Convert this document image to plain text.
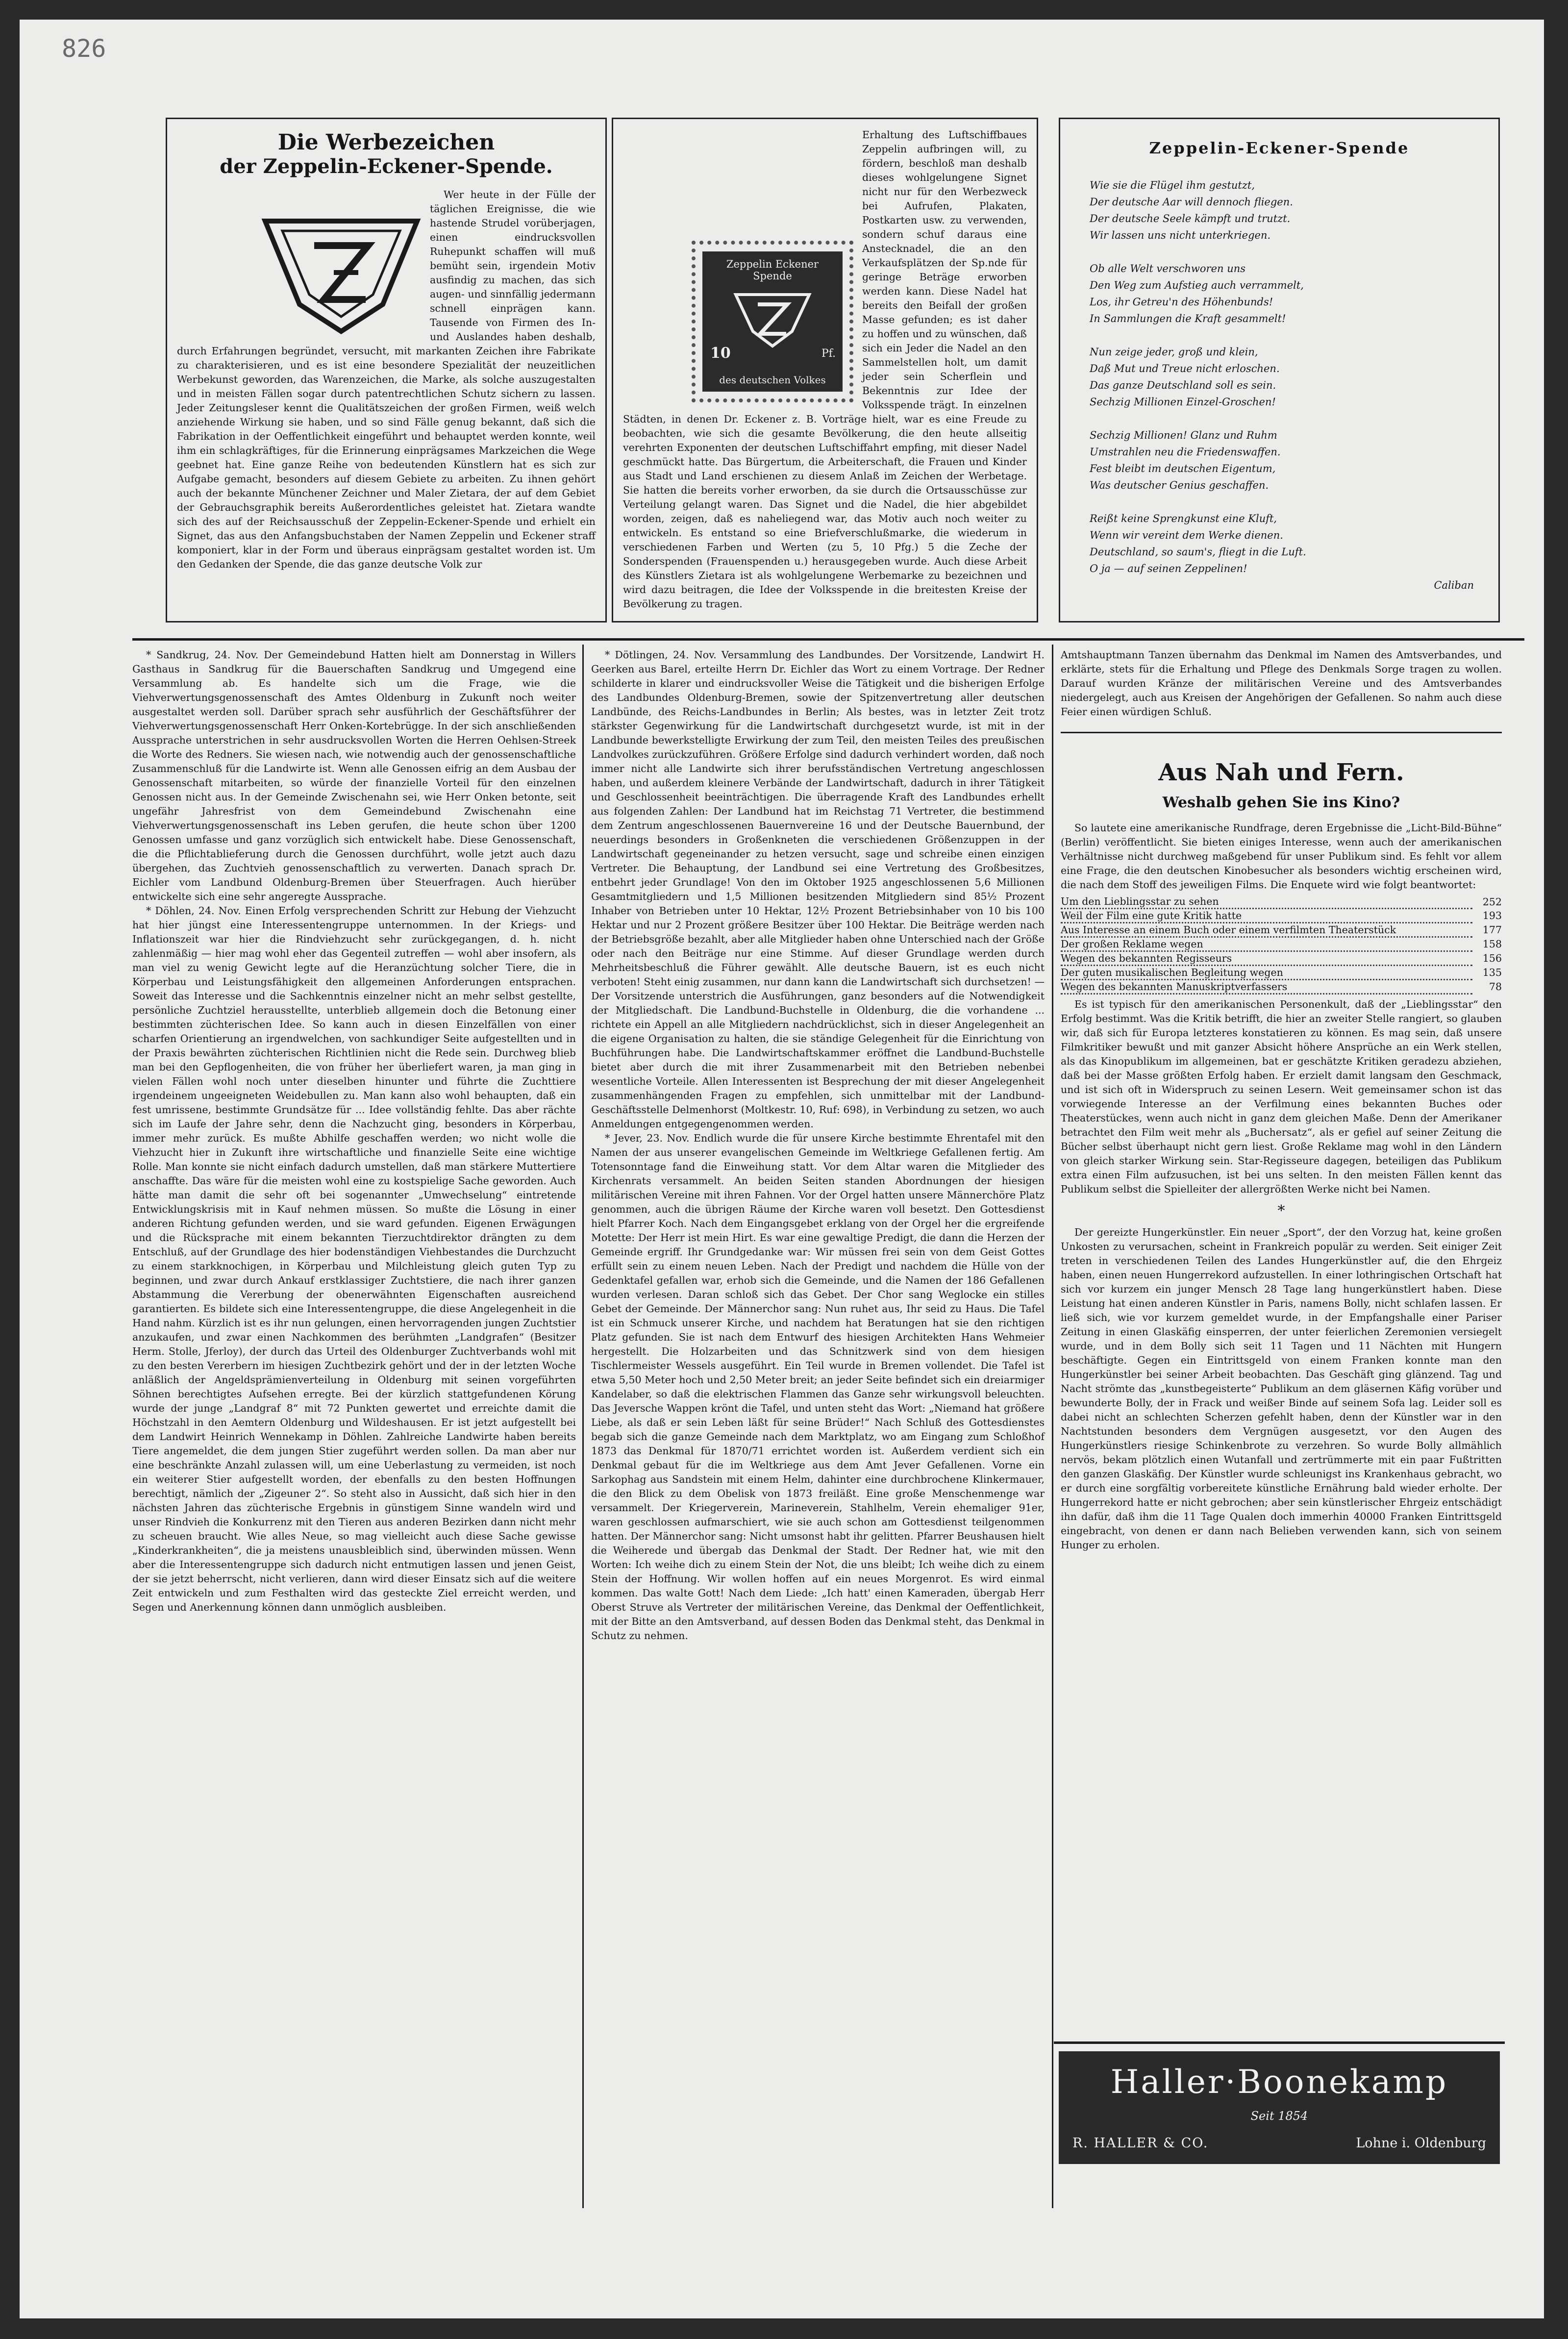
826
Die Werbezeichen
der Zeppelin-Eckener-Spende.
Wer heute in der Fülle der täglichen Ereignisse, die wie hastende Strudel vorüberjagen, einen eindrucksvollen Ruhepunkt schaffen will muß bemüht sein, irgendein Motiv ausfindig zu machen, das sich augen- und sinnfällig jedermann schnell einprägen kann. Tausende von Firmen des In- und Auslandes haben deshalb, durch Erfahrungen begründet, versucht, mit markanten Zeichen ihre Fabrikate zu charakterisieren, und es ist eine besondere Spezialität der neuzeitlichen Werbekunst geworden, das Warenzeichen, die Marke, als solche auszugestalten und in meisten Fällen sogar durch patentrechtlichen Schutz sichern zu lassen. Jeder Zeitungsleser kennt die Qualitätszeichen der großen Firmen, weiß welch anziehende Wirkung sie haben, und so sind Fälle genug bekannt, daß sich die Fabrikation in der Oeffentlichkeit eingeführt und behauptet werden konnte, weil ihm ein schlagkräftiges, für die Erinnerung einprägsames Markzeichen die Wege geebnet hat. Eine ganze Reihe von bedeutenden Künstlern hat es sich zur Aufgabe gemacht, besonders auf diesem Gebiete zu arbeiten. Zu ihnen gehört auch der bekannte Münchener Zeichner und Maler Zietara, der auf dem Gebiet der Gebrauchsgraphik bereits Außerordentliches geleistet hat. Zietara wandte sich des auf der Reichsausschuß der Zeppelin-Eckener-Spende und erhielt ein Signet, das aus den Anfangsbuchstaben der Namen Zeppelin und Eckener straff komponiert, klar in der Form und überaus einprägsam gestaltet worden ist. Um den Gedanken der Spende, die das ganze deutsche Volk zur
Zeppelin Eckener
Spende
10	Pf.
des deutschen Volkes
Erhaltung des Luftschiffbaues Zeppelin aufbringen will, zu fördern, beschloß man deshalb dieses wohlgelungene Signet nicht nur für den Werbezweck bei Aufrufen, Plakaten, Postkarten usw. zu verwenden, sondern schuf daraus eine Anstecknadel, die an den Verkaufsplätzen der Sp.nde für geringe Beträge erworben werden kann. Diese Nadel hat bereits den Beifall der großen Masse gefunden; es ist daher zu hoffen und zu wünschen, daß sich ein Jeder die Nadel an den Sammelstellen holt, um damit jeder sein Scherflein und Bekenntnis zur Idee der Volksspende trägt. In einzelnen Städten, in denen Dr. Eckener z. B. Vorträge hielt, war es eine Freude zu beobachten, wie sich die gesamte Bevölkerung, die den heute allseitig verehrten Exponenten der deutschen Luftschiffahrt empfing, mit dieser Nadel geschmückt hatte. Das Bürgertum, die Arbeiterschaft, die Frauen und Kinder aus Stadt und Land erschienen zu diesem Anlaß im Zeichen der Werbetage. Sie hatten die bereits vorher erworben, da sie durch die Ortsausschüsse zur Verteilung gelangt waren. Das Signet und die Nadel, die hier abgebildet worden, zeigen, daß es naheliegend war, das Motiv auch noch weiter zu entwickeln. Es entstand so eine Briefverschlußmarke, die wiederum in verschiedenen Farben und Werten (zu 5, 10 Pfg.) 5 die Zeche der Sonderspenden (Frauenspenden u.) herausgegeben wurde. Auch diese Arbeit des Künstlers Zietara ist als wohlgelungene Werbemarke zu bezeichnen und wird dazu beitragen, die Idee der Volksspende in die breitesten Kreise der Bevölkerung zu tragen.
Zeppelin-Eckener-Spende

Wie sie die Flügel ihm gestutzt,

Der deutsche Aar will dennoch fliegen.

Der deutsche Seele kämpft und trutzt.

Wir lassen uns nicht unterkriegen.

Ob alle Welt verschworen uns

Den Weg zum Aufstieg auch verrammelt,

Los, ihr Getreu'n des Höhenbunds!

In Sammlungen die Kraft gesammelt!

Nun zeige jeder, groß und klein,

Daß Mut und Treue nicht erloschen.

Das ganze Deutschland soll es sein.

Sechzig Millionen Einzel-Groschen!

Sechzig Millionen! Glanz und Ruhm

Umstrahlen neu die Friedenswaffen.

Fest bleibt im deutschen Eigentum,

Was deutscher Genius geschaffen.

Reißt keine Sprengkunst eine Kluft,

Wenn wir vereint dem Werke dienen.

Deutschland, so saum's, fliegt in die Luft.

O ja — auf seinen Zeppelinen!

Caliban

* Sandkrug, 24. Nov. Der Gemeindebund Hatten hielt am Donnerstag in Willers Gasthaus in Sandkrug für die Bauerschaften Sandkrug und Umgegend eine Versammlung ab. Es handelte sich um die Frage, wie die Viehverwertungsgenossenschaft des Amtes Oldenburg in Zukunft noch weiter ausgestaltet werden soll. Darüber sprach sehr ausführlich der Geschäftsführer der Viehverwertungsgenossenschaft Herr Onken-Kortebrügge. In der sich anschließenden Aussprache unterstrichen in sehr ausdrucksvollen Worten die Herren Oehlsen-Streek die Worte des Redners. Sie wiesen nach, wie notwendig auch der genossenschaftliche Zusammenschluß für die Landwirte ist. Wenn alle Genossen eifrig an dem Ausbau der Genossenschaft mitarbeiten, so würde der finanzielle Vorteil für den einzelnen Genossen nicht aus. In der Gemeinde Zwischenahn sei, wie Herr Onken betonte, seit ungefähr Jahresfrist von dem Gemeindebund Zwischenahn eine Viehverwertungsgenossenschaft ins Leben gerufen, die heute schon über 1200 Genossen umfasse und ganz vorzüglich sich entwickelt habe. Diese Genossenschaft, die die Pflichtablieferung durch die Genossen durchführt, wolle jetzt auch dazu übergehen, das Zuchtvieh genossenschaftlich zu verwerten. Danach sprach Dr. Eichler vom Landbund Oldenburg-Bremen über Steuerfragen. Auch hierüber entwickelte sich eine sehr angeregte Aussprache.

* Döhlen, 24. Nov. Einen Erfolg versprechenden Schritt zur Hebung der Viehzucht hat hier jüngst eine Interessentengruppe unternommen. In der Kriegs- und Inflationszeit war hier die Rindviehzucht sehr zurückgegangen, d. h. nicht zahlenmäßig — hier mag wohl eher das Gegenteil zutreffen — wohl aber insofern, als man viel zu wenig Gewicht legte auf die Heranzüchtung solcher Tiere, die in Körperbau und Leistungsfähigkeit den allgemeinen Anforderungen entsprachen. Soweit das Interesse und die Sachkenntnis einzelner nicht an mehr selbst gestellte, persönliche Zuchtziel herausstellte, unterblieb allgemein doch die Betonung einer bestimmten züchterischen Idee. So kann auch in diesen Einzelfällen von einer scharfen Orientierung an irgendwelchen, von sachkundiger Seite aufgestellten und in der Praxis bewährten züchterischen Richtlinien nicht die Rede sein. Durchweg blieb man bei den Gepflogenheiten, die von früher her überliefert waren, ja man ging in vielen Fällen wohl noch unter dieselben hinunter und führte die Zuchttiere irgendeinem ungeeigneten Weidebullen zu. Man kann also wohl behaupten, daß ein fest umrissene, bestimmte Grundsätze für ... Idee vollständig fehlte. Das aber rächte sich im Laufe der Jahre sehr, denn die Nachzucht ging, besonders in Körperbau, immer mehr zurück. Es mußte Abhilfe geschaffen werden; wo nicht wolle die Viehzucht hier in Zukunft ihre wirtschaftliche und finanzielle Seite eine wichtige Rolle. Man konnte sie nicht einfach dadurch umstellen, daß man stärkere Muttertiere anschaffte. Das wäre für die meisten wohl eine zu kostspielige Sache geworden. Auch hätte man damit die sehr oft bei sogenannter „Umwechselung“ eintretende Entwicklungskrisis mit in Kauf nehmen müssen. So mußte die Lösung in einer anderen Richtung gefunden werden, und sie ward gefunden. Eigenen Erwägungen und die Rücksprache mit einem bekannten Tierzuchtdirektor drängten zu dem Entschluß, auf der Grundlage des hier bodenständigen Viehbestandes die Durchzucht zu einem starkknochigen, in Körperbau und Milchleistung gleich guten Typ zu beginnen, und zwar durch Ankauf erstklassiger Zuchtstiere, die nach ihrer ganzen Abstammung die Vererbung der obenerwähnten Eigenschaften ausreichend garantierten. Es bildete sich eine Interessentengruppe, die diese Angelegenheit in die Hand nahm. Kürzlich ist es ihr nun gelungen, einen hervorragenden jungen Zuchtstier anzukaufen, und zwar einen Nachkommen des berühmten „Landgrafen“ (Besitzer Herm. Stolle, Jferloy), der durch das Urteil des Oldenburger Zuchtverbands wohl mit zu den besten Vererbern im hiesigen Zuchtbezirk gehört und der in der letzten Woche anläßlich der Angeldsprämienverteilung in Oldenburg mit seinen vorgeführten Söhnen berechtigtes Aufsehen erregte. Bei der kürzlich stattgefundenen Körung wurde der junge „Landgraf 8“ mit 72 Punkten gewertet und erreichte damit die Höchstzahl in den Aemtern Oldenburg und Wildeshausen. Er ist jetzt aufgestellt bei dem Landwirt Heinrich Wennekamp in Döhlen. Zahlreiche Landwirte haben bereits Tiere angemeldet, die dem jungen Stier zugeführt werden sollen. Da man aber nur eine beschränkte Anzahl zulassen will, um eine Ueberlastung zu vermeiden, ist noch ein weiterer Stier aufgestellt worden, der ebenfalls zu den besten Hoffnungen berechtigt, nämlich der „Zigeuner 2“. So steht also in Aussicht, daß sich hier in den nächsten Jahren das züchterische Ergebnis in günstigem Sinne wandeln wird und unser Rindvieh die Konkurrenz mit den Tieren aus anderen Bezirken dann nicht mehr zu scheuen braucht. Wie alles Neue, so mag vielleicht auch diese Sache gewisse „Kinderkrankheiten“, die ja meistens unausbleiblich sind, überwinden müssen. Wenn aber die Interessentengruppe sich dadurch nicht entmutigen lassen und jenen Geist, der sie jetzt beherrscht, nicht verlieren, dann wird dieser Einsatz sich auf die weitere Zeit entwickeln und zum Festhalten wird das gesteckte Ziel erreicht werden, und Segen und Anerkennung können dann unmöglich ausbleiben.

* Dötlingen, 24. Nov. Versammlung des Landbundes. Der Vorsitzende, Landwirt H. Geerken aus Barel, erteilte Herrn Dr. Eichler das Wort zu einem Vortrage. Der Redner schilderte in klarer und eindrucksvoller Weise die Tätigkeit und die bisherigen Erfolge des Landbundes Oldenburg-Bremen, sowie der Spitzenvertretung aller deutschen Landbünde, des Reichs-Landbundes in Berlin; Als bestes, was in letzter Zeit trotz stärkster Gegenwirkung für die Landwirtschaft durchgesetzt wurde, ist mit in der Landbunde bewerkstelligte Erwirkung der zum Teil, den meisten Teiles des preußischen Landvolkes zurückzuführen. Größere Erfolge sind dadurch verhindert worden, daß noch immer nicht alle Landwirte sich ihrer berufsständischen Vertretung angeschlossen haben, und außerdem kleinere Verbände der Landwirtschaft, dadurch in ihrer Tätigkeit und Geschlossenheit beeinträchtigen. Die überragende Kraft des Landbundes erhellt aus folgenden Zahlen: Der Landbund hat im Reichstag 71 Vertreter, die bestimmend dem Zentrum angeschlossenen Bauernvereine 16 und der Deutsche Bauernbund, der neuerdings besonders in Großenkneten die verschiedenen Größenzuppen in der Landwirtschaft gegeneinander zu hetzen versucht, sage und schreibe einen einzigen Vertreter. Die Behauptung, der Landbund sei eine Vertretung des Großbesitzes, entbehrt jeder Grundlage! Von den im Oktober 1925 angeschlossenen 5,6 Millionen Gesamtmitgliedern und 1,5 Millionen besitzenden Mitgliedern sind 85½ Prozent Inhaber von Betrieben unter 10 Hektar, 12½ Prozent Betriebsinhaber von 10 bis 100 Hektar und nur 2 Prozent größere Besitzer über 100 Hektar. Die Beiträge werden nach der Betriebsgröße bezahlt, aber alle Mitglieder haben ohne Unterschied nach der Größe oder nach den Beiträge nur eine Stimme. Auf dieser Grundlage werden durch Mehrheitsbeschluß die Führer gewählt. Alle deutsche Bauern, ist es euch nicht verboten! Steht einig zusammen, nur dann kann die Landwirtschaft sich durchsetzen! — Der Vorsitzende unterstrich die Ausführungen, ganz besonders auf die Notwendigkeit der Mitgliedschaft. Die Landbund-Buchstelle in Oldenburg, die die vorhandene ... richtete ein Appell an alle Mitgliedern nachdrücklichst, sich in dieser Angelegenheit an die eigene Organisation zu halten, die sie ständige Gelegenheit für die Einrichtung von Buchführungen habe. Die Landwirtschaftskammer eröffnet die Landbund-Buchstelle bietet aber durch die mit ihrer Zusammenarbeit mit den Betrieben nebenbei wesentliche Vorteile. Allen Interessenten ist Besprechung der mit dieser Angelegenheit zusammenhängenden Fragen zu empfehlen, sich unmittelbar mit der Landbund-Geschäftsstelle Delmenhorst (Moltkestr. 10, Ruf: 698), in Verbindung zu setzen, wo auch Anmeldungen entgegengenommen werden.

* Jever, 23. Nov. Endlich wurde die für unsere Kirche bestimmte Ehrentafel mit den Namen der aus unserer evangelischen Gemeinde im Weltkriege Gefallenen fertig. Am Totensonntage fand die Einweihung statt. Vor dem Altar waren die Mitglieder des Kirchenrats versammelt. An beiden Seiten standen Abordnungen der hiesigen militärischen Vereine mit ihren Fahnen. Vor der Orgel hatten unsere Männerchöre Platz genommen, auch die übrigen Räume der Kirche waren voll besetzt. Den Gottesdienst hielt Pfarrer Koch. Nach dem Eingangsgebet erklang von der Orgel her die ergreifende Motette: Der Herr ist mein Hirt. Es war eine gewaltige Predigt, die dann die Herzen der Gemeinde ergriff. Ihr Grundgedanke war: Wir müssen frei sein von dem Geist Gottes erfüllt sein zu einem neuen Leben. Nach der Predigt und nachdem die Hülle von der Gedenktafel gefallen war, erhob sich die Gemeinde, und die Namen der 186 Gefallenen wurden verlesen. Daran schloß sich das Gebet. Der Chor sang Weglocke ein stilles Gebet der Gemeinde. Der Männerchor sang: Nun ruhet aus, Ihr seid zu Haus. Die Tafel ist ein Schmuck unserer Kirche, und nachdem hat Beratungen hat sie den richtigen Platz gefunden. Sie ist nach dem Entwurf des hiesigen Architekten Hans Wehmeier hergestellt. Die Holzarbeiten und das Schnitzwerk sind von dem hiesigen Tischlermeister Wessels ausgeführt. Ein Teil wurde in Bremen vollendet. Die Tafel ist etwa 5,50 Meter hoch und 2,50 Meter breit; an jeder Seite befindet sich ein dreiarmiger Kandelaber, so daß die elektrischen Flammen das Ganze sehr wirkungsvoll beleuchten. Das Jeversche Wappen krönt die Tafel, und unten steht das Wort: „Niemand hat größere Liebe, als daß er sein Leben läßt für seine Brüder!“ Nach Schluß des Gottesdienstes begab sich die ganze Gemeinde nach dem Marktplatz, wo am Eingang zum Schloßhof 1873 das Denkmal für 1870/71 errichtet worden ist. Außerdem verdient sich ein Denkmal gebaut für die im Weltkriege aus dem Amt Jever Gefallenen. Vorne ein Sarkophag aus Sandstein mit einem Helm, dahinter eine durchbrochene Klinkermauer, die den Blick zu dem Obelisk von 1873 freiläßt. Eine große Menschenmenge war versammelt. Der Kriegerverein, Marineverein, Stahlhelm, Verein ehemaliger 91er, waren geschlossen aufmarschiert, wie sie auch schon am Gottesdienst teilgenommen hatten. Der Männerchor sang: Nicht umsonst habt ihr gelitten. Pfarrer Beushausen hielt die Weiherede und übergab das Denkmal der Stadt. Der Redner hat, wie mit den Worten: Ich weihe dich zu einem Stein der Not, die uns bleibt; Ich weihe dich zu einem Stein der Hoffnung. Wir wollen hoffen auf ein neues Morgenrot. Es wird einmal kommen. Das walte Gott! Nach dem Liede: „Ich hatt' einen Kameraden, übergab Herr Oberst Struve als Vertreter der militärischen Vereine, das Denkmal der Oeffentlichkeit, mit der Bitte an den Amtsverband, auf dessen Boden das Denkmal steht, das Denkmal in Schutz zu nehmen.

Amtshauptmann Tanzen übernahm das Denkmal im Namen des Amtsverbandes, und erklärte, stets für die Erhaltung und Pflege des Denkmals Sorge tragen zu wollen. Darauf wurden Kränze der militärischen Vereine und des Amtsverbandes niedergelegt, auch aus Kreisen der Angehörigen der Gefallenen. So nahm auch diese Feier einen würdigen Schluß.
Aus Nah und Fern.
Weshalb gehen Sie ins Kino?

So lautete eine amerikanische Rundfrage, deren Ergebnisse die „Licht-Bild-Bühne“ (Berlin) veröffentlicht. Sie bieten einiges Interesse, wenn auch der amerikanischen Verhältnisse nicht durchweg maßgebend für unser Publikum sind. Es fehlt vor allem eine Frage, die den deutschen Kinobesucher als besonders wichtig erscheinen wird, die nach dem Stoff des jeweiligen Films. Die Enquete wird wie folgt beantwortet:

Um den Lieblingsstar zu sehen	252
Weil der Film eine gute Kritik hatte	193
Aus Interesse an einem Buch oder einem verfilmten Theaterstück	177
Der großen Reklame wegen	158
Wegen des bekannten Regisseurs	156
Der guten musikalischen Begleitung wegen	135
Wegen des bekannten Manuskriptverfassers	78

Es ist typisch für den amerikanischen Personenkult, daß der „Lieblingsstar“ den Erfolg bestimmt. Was die Kritik betrifft, die hier an zweiter Stelle rangiert, so glauben wir, daß sich für Europa letzteres konstatieren zu können. Es mag sein, daß unsere Filmkritiker bewußt und mit ganzer Absicht höhere Ansprüche an ein Werk stellen, als das Kinopublikum im allgemeinen, bat er geschätzte Kritiken geradezu abziehen, daß bei der Masse größten Erfolg haben. Er erzielt damit langsam den Geschmack, und ist sich oft in Widerspruch zu seinen Lesern. Weit gemeinsamer schon ist das vorwiegende Interesse an der Verfilmung eines bekannten Buches oder Theaterstückes, wenn auch nicht in ganz dem gleichen Maße. Denn der Amerikaner betrachtet den Film weit mehr als „Buchersatz“, als er gefiel auf seiner Zeitung die Bücher selbst überhaupt nicht gern liest. Große Reklame mag wohl in den Ländern von gleich starker Wirkung sein. Star-Regisseure dagegen, beteiligen das Publikum extra einen Film aufzusuchen, ist bei uns selten. In den meisten Fällen kennt das Publikum selbst die Spielleiter der allergrößten Werke nicht bei Namen.

*

Der gereizte Hungerkünstler. Ein neuer „Sport“, der den Vorzug hat, keine großen Unkosten zu verursachen, scheint in Frankreich populär zu werden. Seit einiger Zeit treten in verschiedenen Teilen des Landes Hungerkünstler auf, die den Ehrgeiz haben, einen neuen Hungerrekord aufzustellen. In einer lothringischen Ortschaft hat sich vor kurzem ein junger Mensch 28 Tage lang hungerkünstlert haben. Diese Leistung hat einen anderen Künstler in Paris, namens Bolly, nicht schlafen lassen. Er ließ sich, wie vor kurzem gemeldet wurde, in der Empfangshalle einer Pariser Zeitung in einen Glaskäfig einsperren, der unter feierlichen Zeremonien versiegelt wurde, und in dem Bolly sich seit 11 Tagen und 11 Nächten mit Hungern beschäftigte. Gegen ein Eintrittsgeld von einem Franken konnte man den Hungerkünstler bei seiner Arbeit beobachten. Das Geschäft ging glänzend. Tag und Nacht strömte das „kunstbegeisterte“ Publikum an dem gläsernen Käfig vorüber und bewunderte Bolly, der in Frack und weißer Binde auf seinem Sofa lag. Leider soll es dabei nicht an schlechten Scherzen gefehlt haben, denn der Künstler war in den Nachtstunden besonders dem Vergnügen ausgesetzt, vor den Augen des Hungerkünstlers riesige Schinkenbrote zu verzehren. So wurde Bolly allmählich nervös, bekam plötzlich einen Wutanfall und zertrümmerte mit ein paar Fußtritten den ganzen Glaskäfig. Der Künstler wurde schleunigst ins Krankenhaus gebracht, wo er durch eine sorgfältig vorbereitete künstliche Ernährung bald wieder erholte. Der Hungerrekord hatte er nicht gebrochen; aber sein künstlerischer Ehrgeiz entschädigt ihn dafür, daß ihm die 11 Tage Qualen doch immerhin 40000 Franken Eintrittsgeld eingebracht, von denen er dann nach Belieben verwenden kann, sich von seinem Hunger zu erholen.

Haller·Boonekamp
Seit 1854
R. HALLER & CO.	Lohne i. Oldenburg
